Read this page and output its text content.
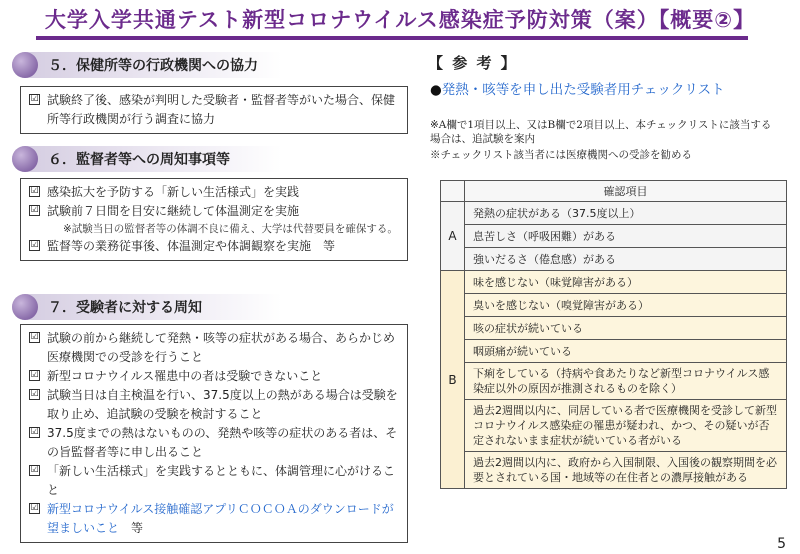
大学入学共通テスト新型コロナウイルス感染症予防対策（案）【概要②】
５．保健所等の行政機関への協力
☑ 試験終了後、感染が判明した受験者・監督者等がいた場合、保健所等行政機関が行う調査に協力
６．監督者等への周知事項等
☑ 感染拡大を予防する「新しい生活様式」を実践
☑ 試験前７日間を目安に継続して体温測定を実施
※試験当日の監督者等の体調不良に備え、大学は代替要員を確保する。
☑ 監督等の業務従事後、体温測定や体調観察を実施　等
７．受験者に対する周知
☑ 試験の前から継続して発熱・咳等の症状がある場合、あらかじめ医療機関での受診を行うこと
☑ 新型コロナウイルス罹患中の者は受験できないこと
☑ 試験当日は自主検温を行い、37.5度以上の熱がある場合は受験を取り止め、追試験の受験を検討すること
☑ 37.5度までの熱はないものの、発熱や咳等の症状のある者は、その旨監督者等に申し出ること
☑ 「新しい生活様式」を実践するとともに、体調管理に心がけること
☑ 新型コロナウイルス接触確認アプリＣＯＣＯＡのダウンロードが望ましいこと　等
【 参 考 】
●発熱・咳等を申し出た受験者用チェックリスト
※A欄で1項目以上、又はB欄で2項目以上、本チェックリストに該当する場合は、追試験を案内
※チェックリスト該当者には医療機関への受診を勧める
	確認項目
A	発熱の症状がある（37.5度以上）
	息苦しさ（呼吸困難）がある
	強いだるさ（倦怠感）がある
B	味を感じない（味覚障害がある）
	臭いを感じない（嗅覚障害がある）
	咳の症状が続いている
	咽頭痛が続いている
	下痢をしている（持病や食あたりなど新型コロナウイルス感染症以外の原因が推測されるものを除く）
	過去2週間以内に、同居している者で医療機関を受診して新型コロナウイルス感染症の罹患が疑われ、かつ、その疑いが否定されないまま症状が続いている者がいる
	過去2週間以内に、政府から入国制限、入国後の観察期間を必要とされている国・地域等の在住者との濃厚接触がある
5
